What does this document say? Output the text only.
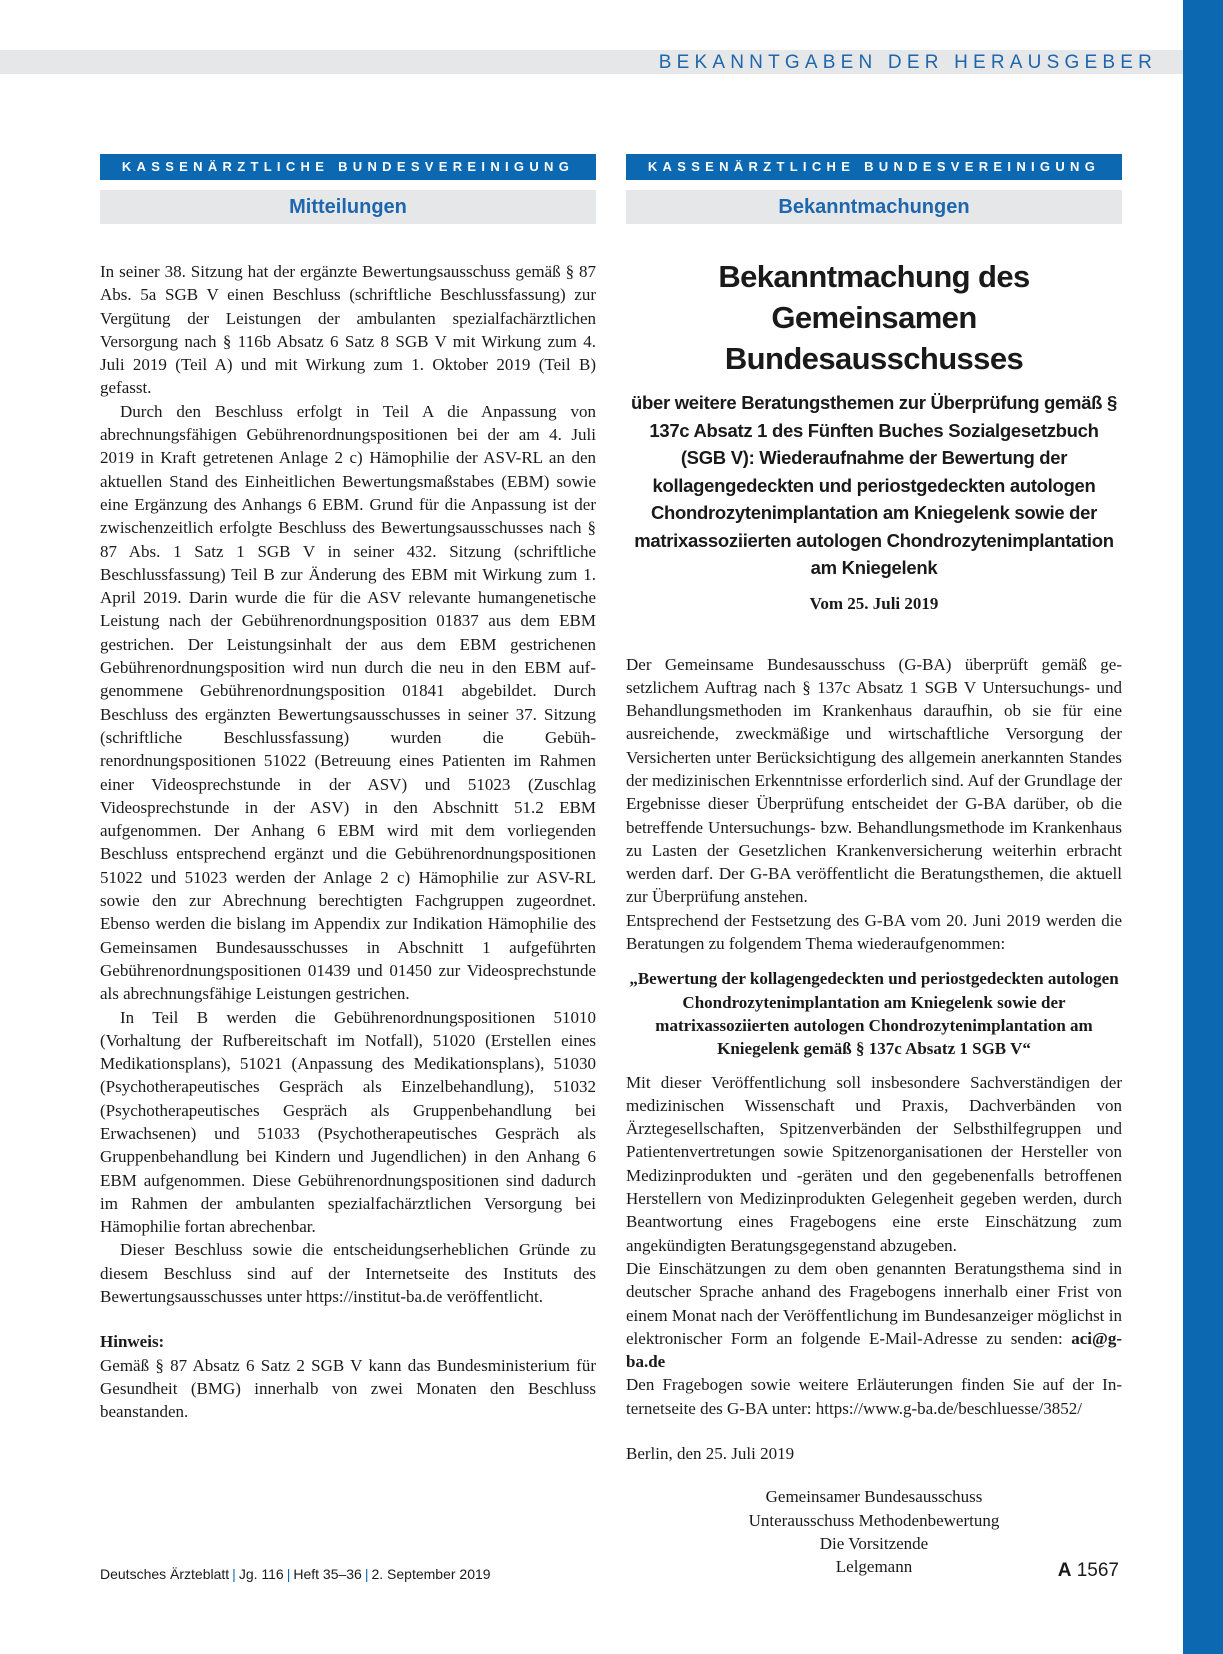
BEKANNTGABEN DER HERAUSGEBER
KASSENÄRZTLICHE BUNDESVEREINIGUNG
Mitteilungen

In seiner 38. Sitzung hat der ergänzte Bewertungsausschuss gemäß § 87 Abs. 5a SGB V einen Beschluss (schriftliche Beschlussfassung) zur Vergütung der Leistungen der ambulanten spezialfachärztlichen Versorgung nach § 116b Absatz 6 Satz 8 SGB V mit Wirkung zum 4. Juli 2019 (Teil A) und mit Wirkung zum 1. Oktober 2019 (Teil B) gefasst.

Durch den Beschluss erfolgt in Teil A die Anpassung von abrechnungsfähigen Gebührenordnungspositionen bei der am 4. Juli 2019 in Kraft getretenen Anlage 2 c) Hämophilie der ASV-RL an den aktuellen Stand des Einheitlichen Bewertungsmaßstabes (EBM) sowie eine Ergänzung des Anhangs 6 EBM. Grund für die Anpassung ist der zwischenzeitlich erfolgte Beschluss des Bewertungsausschusses nach § 87 Abs. 1 Satz 1 SGB V in seiner 432. Sitzung (schriftliche Beschlussfassung) Teil B zur Änderung des EBM mit Wirkung zum 1. April 2019. Darin wurde die für die ASV relevante humangenetische Leistung nach der Gebührenordnungsposition 01837 aus dem EBM gestrichen. Der Leistungsinhalt der aus dem EBM gestrichenen Gebührenordnungsposition wird nun durch die neu in den EBM aufgenommene Gebührenordnungsposition 01841 abgebildet. Durch Beschluss des ergänzten Bewertungsausschusses in seiner 37. Sitzung (schriftliche Beschlussfassung) wurden die Gebührenordnungspositionen 51022 (Betreuung eines Patienten im Rahmen einer Videosprechstunde in der ASV) und 51023 (Zuschlag Videosprechstunde in der ASV) in den Abschnitt 51.2 EBM aufgenommen. Der Anhang 6 EBM wird mit dem vorliegenden Beschluss entsprechend ergänzt und die Gebührenordnungspositionen 51022 und 51023 werden der Anlage 2 c) Hämophilie zur ASV-RL sowie den zur Abrechnung berechtigten Fachgruppen zugeordnet. Ebenso werden die bislang im Appendix zur Indikation Hämophilie des Gemeinsamen Bundesausschusses in Abschnitt 1 aufgeführten Gebührenordnungspositionen 01439 und 01450 zur Videosprechstunde als abrechnungsfähige Leistungen gestrichen.

In Teil B werden die Gebührenordnungspositionen 51010 (Vorhaltung der Rufbereitschaft im Notfall), 51020 (Erstellen eines Medikationsplans), 51021 (Anpassung des Medikationsplans), 51030 (Psychotherapeutisches Gespräch als Einzelbehandlung), 51032 (Psychotherapeutisches Gespräch als Gruppenbehandlung bei Erwachsenen) und 51033 (Psychotherapeutisches Gespräch als Gruppenbehandlung bei Kindern und Jugendlichen) in den Anhang 6 EBM aufgenommen. Diese Gebührenordnungspositionen sind dadurch im Rahmen der ambulanten spezialfachärztlichen Versorgung bei Hämophilie fortan abrechenbar.

Dieser Beschluss sowie die entscheidungserheblichen Gründe zu diesem Beschluss sind auf der Internetseite des Instituts des Bewertungsausschusses unter https://institut-ba.de veröffentlicht.

Hinweis:
Gemäß § 87 Absatz 6 Satz 2 SGB V kann das Bundesministerium für Gesundheit (BMG) innerhalb von zwei Monaten den Beschluss beanstanden.
KASSENÄRZTLICHE BUNDESVEREINIGUNG
Bekanntmachungen
Bekanntmachung des Gemeinsamen Bundesausschusses
über weitere Beratungsthemen zur Überprüfung gemäß § 137c Absatz 1 des Fünften Buches Sozialgesetzbuch (SGB V): Wiederaufnahme der Bewertung der kollagengedeckten und periostgedeckten autologen Chondrozytenimplantation am Kniegelenk sowie der matrixassoziierten autologen Chondrozytenimplantation am Kniegelenk
Vom 25. Juli 2019
Der Gemeinsame Bundesausschuss (G-BA) überprüft gemäß gesetzlichem Auftrag nach § 137c Absatz 1 SGB V Untersuchungs- und Behandlungsmethoden im Krankenhaus daraufhin, ob sie für eine ausreichende, zweckmäßige und wirtschaftliche Versorgung der Versicherten unter Berücksichtigung des allgemein anerkannten Standes der medizinischen Erkenntnisse erforderlich sind. Auf der Grundlage der Ergebnisse dieser Überprüfung entscheidet der G-BA darüber, ob die betreffende Untersuchungs- bzw. Behandlungsmethode im Krankenhaus zu Lasten der Gesetzlichen Krankenversicherung weiterhin erbracht werden darf. Der G-BA veröffentlicht die Beratungsthemen, die aktuell zur Überprüfung anstehen.
Entsprechend der Festsetzung des G-BA vom 20. Juni 2019 werden die Beratungen zu folgendem Thema wiederaufgenommen:
„Bewertung der kollagengedeckten und periostgedeckten autologen Chondrozytenimplantation am Kniegelenk sowie der matrixassoziierten autologen Chondrozytenimplantation am Kniegelenk gemäß § 137c Absatz 1 SGB V“
Mit dieser Veröffentlichung soll insbesondere Sachverständigen der medizinischen Wissenschaft und Praxis, Dachverbänden von Ärztegesellschaften, Spitzenverbänden der Selbsthilfegruppen und Patientenvertretungen sowie Spitzenorganisationen der Hersteller von Medizinprodukten und -geräten und den gegebenenfalls betroffenen Herstellern von Medizinprodukten Gelegenheit gegeben werden, durch Beantwortung eines Fragebogens eine erste Einschätzung zum angekündigten Beratungsgegenstand abzugeben.
Die Einschätzungen zu dem oben genannten Beratungsthema sind in deutscher Sprache anhand des Fragebogens innerhalb einer Frist von einem Monat nach der Veröffentlichung im Bundesanzeiger möglichst in elektronischer Form an folgende E-Mail-Adresse zu senden: aci@g-ba.de
Den Fragebogen sowie weitere Erläuterungen finden Sie auf der Internetseite des G-BA unter: https://www.g-ba.de/beschluesse/3852/
Berlin, den 25. Juli 2019
Gemeinsamer Bundesausschuss
Unterausschuss Methodenbewertung
Die Vorsitzende
Lelgemann
Deutsches Ärzteblatt | Jg. 116 | Heft 35–36 | 2. September 2019	A 1567
